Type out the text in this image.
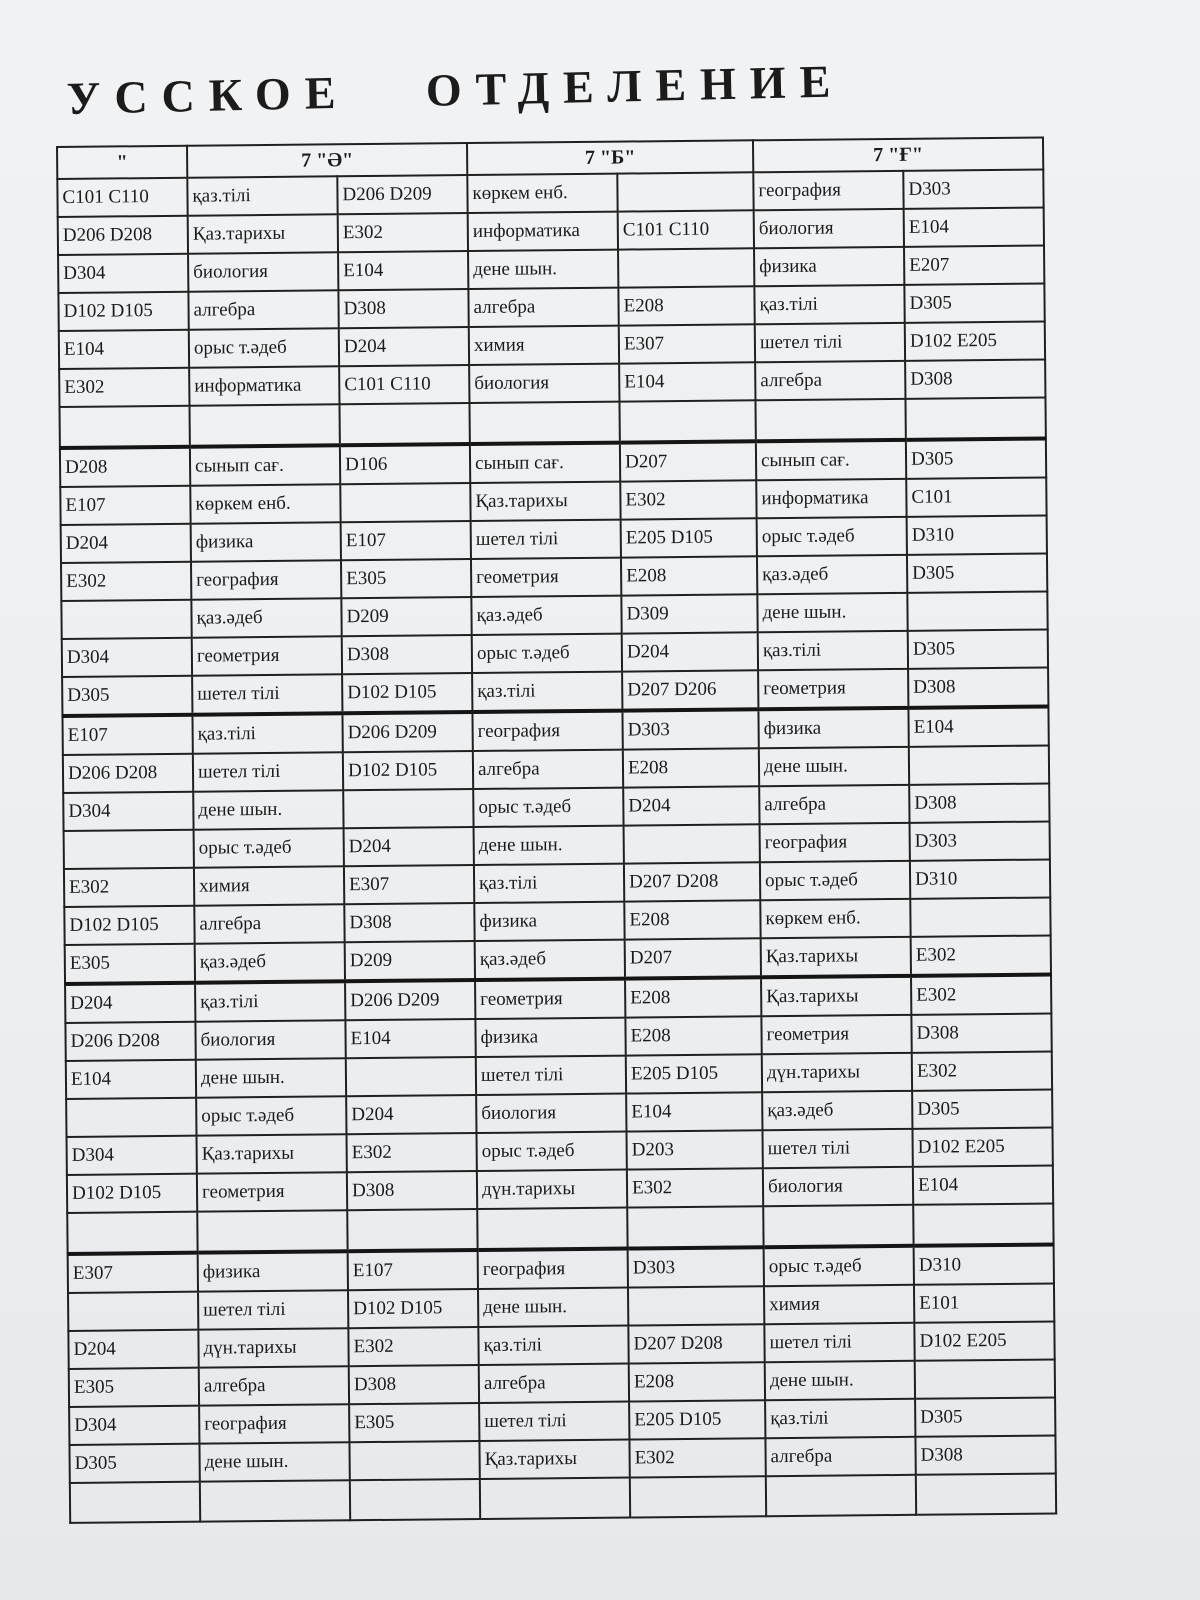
УССКОЕ   ОТДЕЛЕНИЕ
"	7 "Ә"		7 "Б"		7 "Ғ"	
C101 C110	қаз.тілі	D206 D209	көркем енб.		география	D303
D206 D208	Қаз.тарихы	E302	информатика	C101 C110	биология	E104
D304	биология	E104	дене шын.		физика	E207
D102 D105	алгебра	D308	алгебра	E208	қаз.тілі	D305
E104	орыс т.әдеб	D204	химия	E307	шетел тілі	D102 E205
E302	информатика	C101 C110	биология	E104	алгебра	D308

D208	сынып сағ.	D106	сынып сағ.	D207	сынып сағ.	D305
E107	көркем енб.		Қаз.тарихы	E302	информатика	C101
D204	физика	E107	шетел тілі	E205 D105	орыс т.әдеб	D310
E302	география	E305	геометрия	E208	қаз.әдеб	D305
	қаз.әдеб	D209	қаз.әдеб	D309	дене шын.	
D304	геометрия	D308	орыс т.әдеб	D204	қаз.тілі	D305
D305	шетел тілі	D102 D105	қаз.тілі	D207 D206	геометрия	D308
E107	қаз.тілі	D206 D209	география	D303	физика	E104
D206 D208	шетел тілі	D102 D105	алгебра	E208	дене шын.	
D304	дене шын.		орыс т.әдеб	D204	алгебра	D308
	орыс т.әдеб	D204	дене шын.		география	D303
E302	химия	E307	қаз.тілі	D207 D208	орыс т.әдеб	D310
D102 D105	алгебра	D308	физика	E208	көркем енб.	
E305	қаз.әдеб	D209	қаз.әдеб	D207	Қаз.тарихы	E302
D204	қаз.тілі	D206 D209	геометрия	E208	Қаз.тарихы	E302
D206 D208	биология	E104	физика	E208	геометрия	D308
E104	дене шын.		шетел тілі	E205 D105	дүн.тарихы	E302
	орыс т.әдеб	D204	биология	E104	қаз.әдеб	D305
D304	Қаз.тарихы	E302	орыс т.әдеб	D203	шетел тілі	D102 E205
D102 D105	геометрия	D308	дүн.тарихы	E302	биология	E104

E307	физика	E107	география	D303	орыс т.әдеб	D310
	шетел тілі	D102 D105	дене шын.		химия	E101
D204	дүн.тарихы	E302	қаз.тілі	D207 D208	шетел тілі	D102 E205
E305	алгебра	D308	алгебра	E208	дене шын.	
D304	география	E305	шетел тілі	E205 D105	қаз.тілі	D305
D305	дене шын.		Қаз.тарихы	E302	алгебра	D308
